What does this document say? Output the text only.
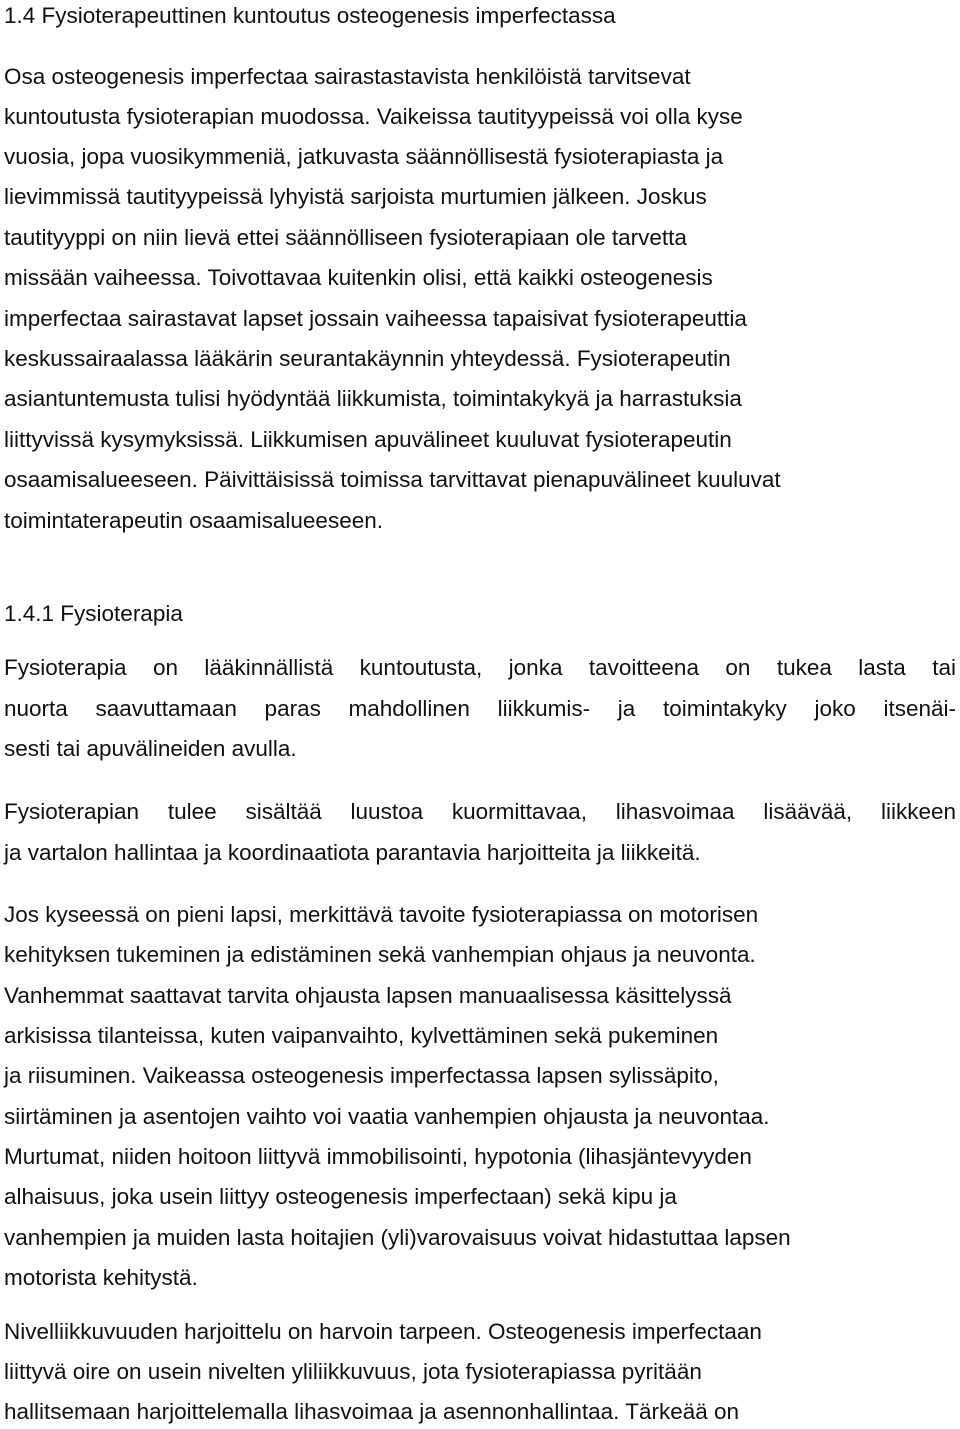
1.4 Fysioterapeuttinen kuntoutus osteogenesis imperfectassa
Osa osteogenesis imperfectaa sairastastavista henkilöistä tarvitsevat
kuntoutusta fysioterapian muodossa. Vaikeissa tautityypeissä voi olla kyse
vuosia, jopa vuosikymmeniä, jatkuvasta säännöllisestä fysioterapiasta ja
lievimmissä tautityypeissä lyhyistä sarjoista murtumien jälkeen. Joskus
tautityyppi on niin lievä ettei säännölliseen fysioterapiaan ole tarvetta
missään vaiheessa. Toivottavaa kuitenkin olisi, että kaikki osteogenesis
imperfectaa sairastavat lapset jossain vaiheessa tapaisivat fysioterapeuttia
keskussairaalassa lääkärin seurantakäynnin yhteydessä. Fysioterapeutin
asiantuntemusta tulisi hyödyntää liikkumista, toimintakykyä ja harrastuksia
liittyvissä kysymyksissä. Liikkumisen apuvälineet kuuluvat fysioterapeutin
osaamisalueeseen. Päivittäisissä toimissa tarvittavat pienapuvälineet kuuluvat
toimintaterapeutin osaamisalueeseen.
1.4.1 Fysioterapia
Fysioterapia on lääkinnällistä kuntoutusta, jonka tavoitteena on tukea lasta tai
nuorta saavuttamaan paras mahdollinen liikkumis- ja toimintakyky joko itsenäi-
sesti tai apuvälineiden avulla.
Fysioterapian tulee sisältää luustoa kuormittavaa, lihasvoimaa lisäävää, liikkeen
ja vartalon hallintaa ja koordinaatiota parantavia harjoitteita ja liikkeitä.
Jos kyseessä on pieni lapsi, merkittävä tavoite fysioterapiassa on motorisen
kehityksen tukeminen ja edistäminen sekä vanhempian ohjaus ja neuvonta.
Vanhemmat saattavat tarvita ohjausta lapsen manuaalisessa käsittelyssä
arkisissa tilanteissa, kuten vaipanvaihto, kylvettäminen sekä pukeminen
ja riisuminen. Vaikeassa osteogenesis imperfectassa lapsen sylissäpito,
siirtäminen ja asentojen vaihto voi vaatia vanhempien ohjausta ja neuvontaa.
Murtumat, niiden hoitoon liittyvä immobilisointi, hypotonia (lihasjäntevyyden
alhaisuus, joka usein liittyy osteogenesis imperfectaan) sekä kipu ja
vanhempien ja muiden lasta hoitajien (yli)varovaisuus voivat hidastuttaa lapsen
motorista kehitystä.
Nivelliikkuvuuden harjoittelu on harvoin tarpeen. Osteogenesis imperfectaan
liittyvä oire on usein nivelten yliliikkuvuus, jota fysioterapiassa pyritään
hallitsemaan harjoittelemalla lihasvoimaa ja asennonhallintaa. Tärkeää on
